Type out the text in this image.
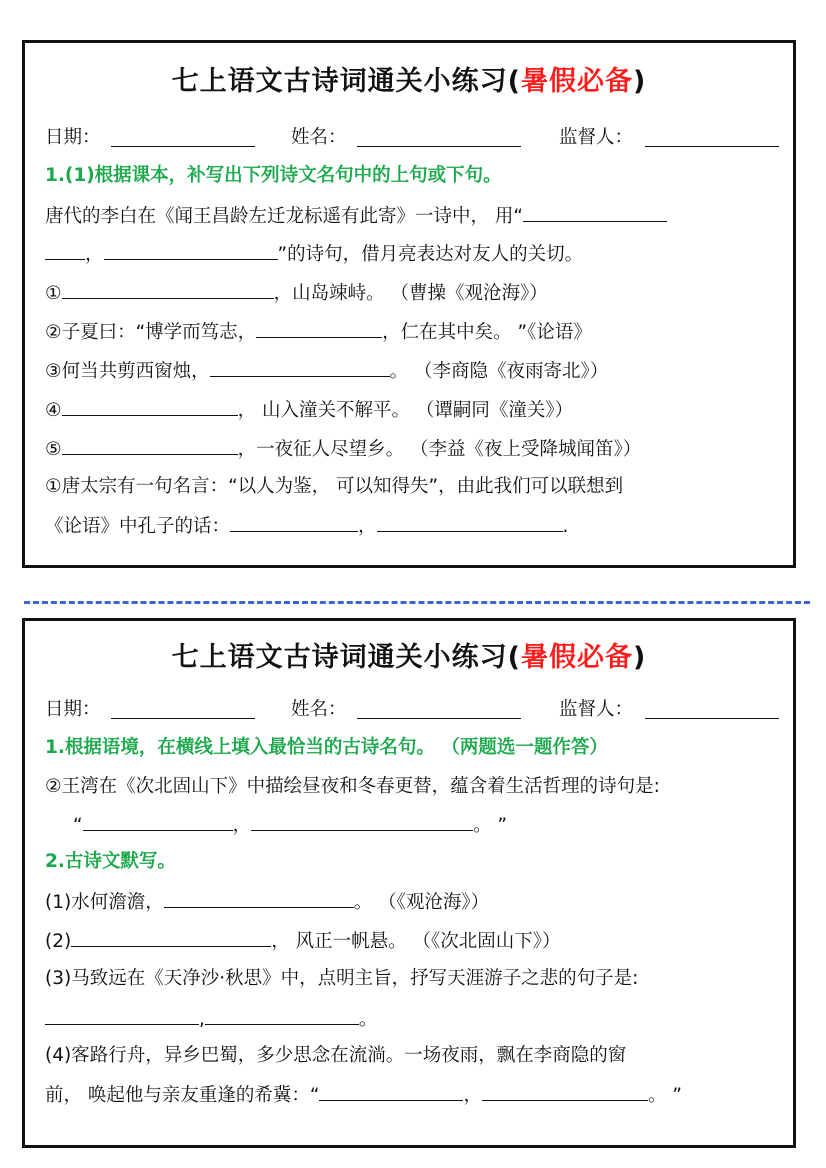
七上语文古诗词通关小练习(暑假必备)
日期：	姓名：	监督人：
1.(1)根据课本，补写出下列诗文名句中的上句或下句。
唐代的李白在《闻王昌龄左迁龙标遥有此寄》一诗中， 用“
，	”的诗句，借月亮表达对友人的关切。
①	，山岛竦峙。 （曹操《观沧海》）
②子夏曰：“博学而笃志，	，仁在其中矣。 ”《论语》
③何当共剪西窗烛，	。 （李商隐《夜雨寄北》）
④	， 山入潼关不解平。 （谭嗣同《潼关》）
⑤	，一夜征人尽望乡。 （李益《夜上受降城闻笛》）
①唐太宗有一句名言：“以人为鉴， 可以知得失”，由此我们可以联想到
《论语》中孔子的话：	，	.
七上语文古诗词通关小练习(暑假必备)
日期：	姓名：	监督人：
1.根据语境，在横线上填入最恰当的古诗名句。 （两题选一题作答）
②王湾在《次北固山下》中描绘昼夜和冬春更替，蕴含着生活哲理的诗句是:
“	，	。 ”
2.古诗文默写。
(1)水何澹澹，	。 （《观沧海》）
(2)	， 风正一帆悬。 （《次北固山下》）
(3)马致远在《天净沙·秋思》中，点明主旨，抒写天涯游子之悲的句子是:
,	。
(4)客路行舟，异乡巴蜀，多少思念在流淌。一场夜雨，飘在李商隐的窗
前， 唤起他与亲友重逢的希冀：“	，	。 ”
